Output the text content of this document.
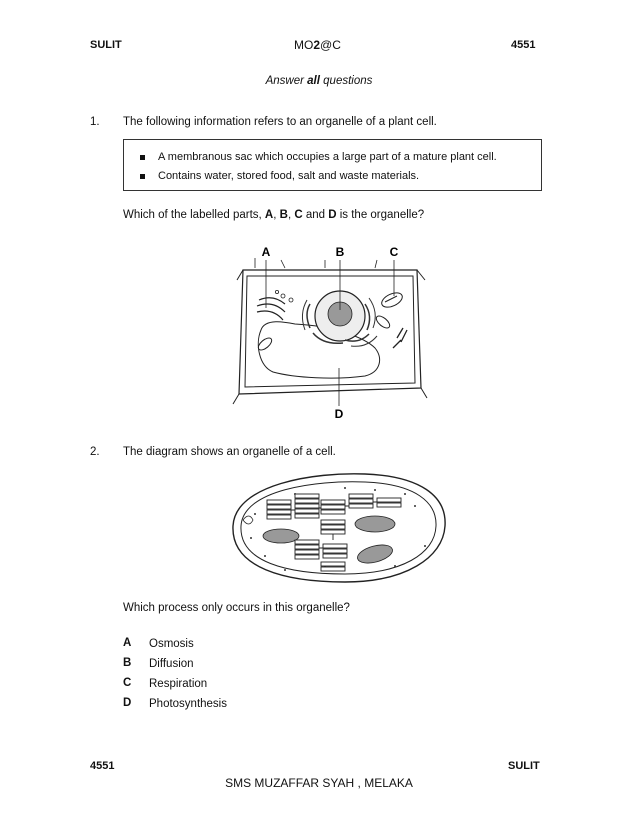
SULIT	MO2@C	4551
Answer all questions
1. The following information refers to an organelle of a plant cell.
A membranous sac which occupies a large part of a mature plant cell.
Contains water, stored food, salt and waste materials.
Which of the labelled parts, A, B, C and D is the organelle?
A	B	C
D
2. The diagram shows an organelle of a cell.
Which process only occurs in this organelle?
A Osmosis
B Diffusion
C Respiration
D Photosynthesis
4551	SULIT
SMS MUZAFFAR SYAH , MELAKA
